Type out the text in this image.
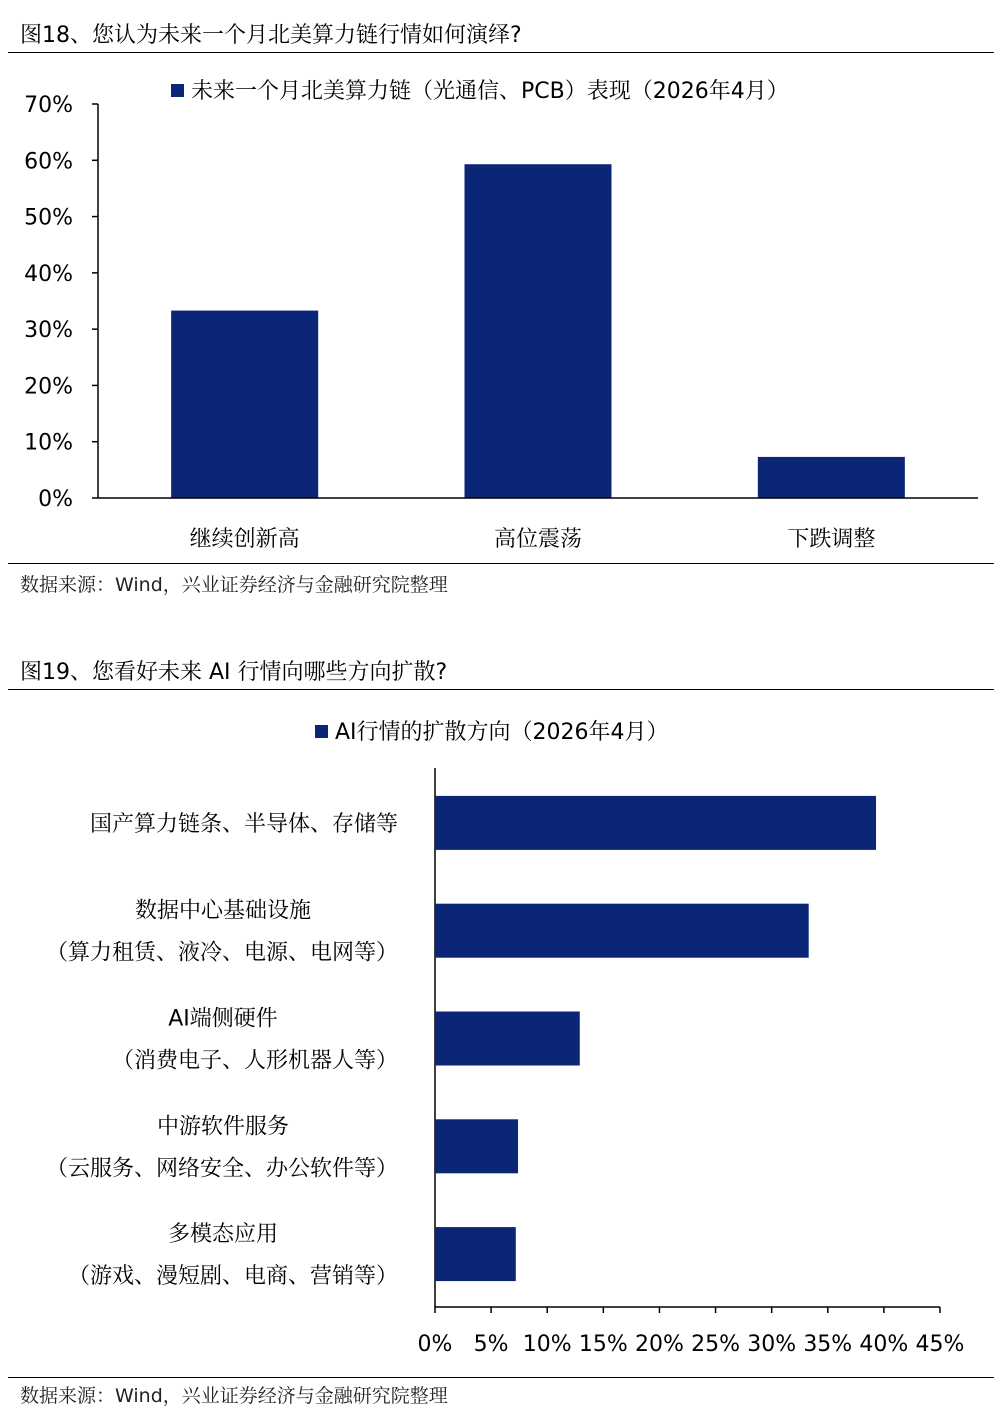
图18、您认为未来一个月北美算力链行情如何演绎?
未来一个月北美算力链（光通信、PCB）表现（2026年4月）
0%
10%
20%
30%
40%
50%
60%
70%
继续创新高	高位震荡	下跌调整
数据来源：Wind，兴业证券经济与金融研究院整理
图19、您看好未来 AI 行情向哪些方向扩散?
AI行情的扩散方向（2026年4月）
国产算力链条、半导体、存储等
数据中心基础设施
（算力租赁、液冷、电源、电网等）
AI端侧硬件
（消费电子、人形机器人等）
中游软件服务
（云服务、网络安全、办公软件等）
多模态应用
（游戏、漫短剧、电商、营销等）
0% 5% 10% 15% 20% 25% 30% 35% 40% 45%
数据来源：Wind，兴业证券经济与金融研究院整理
